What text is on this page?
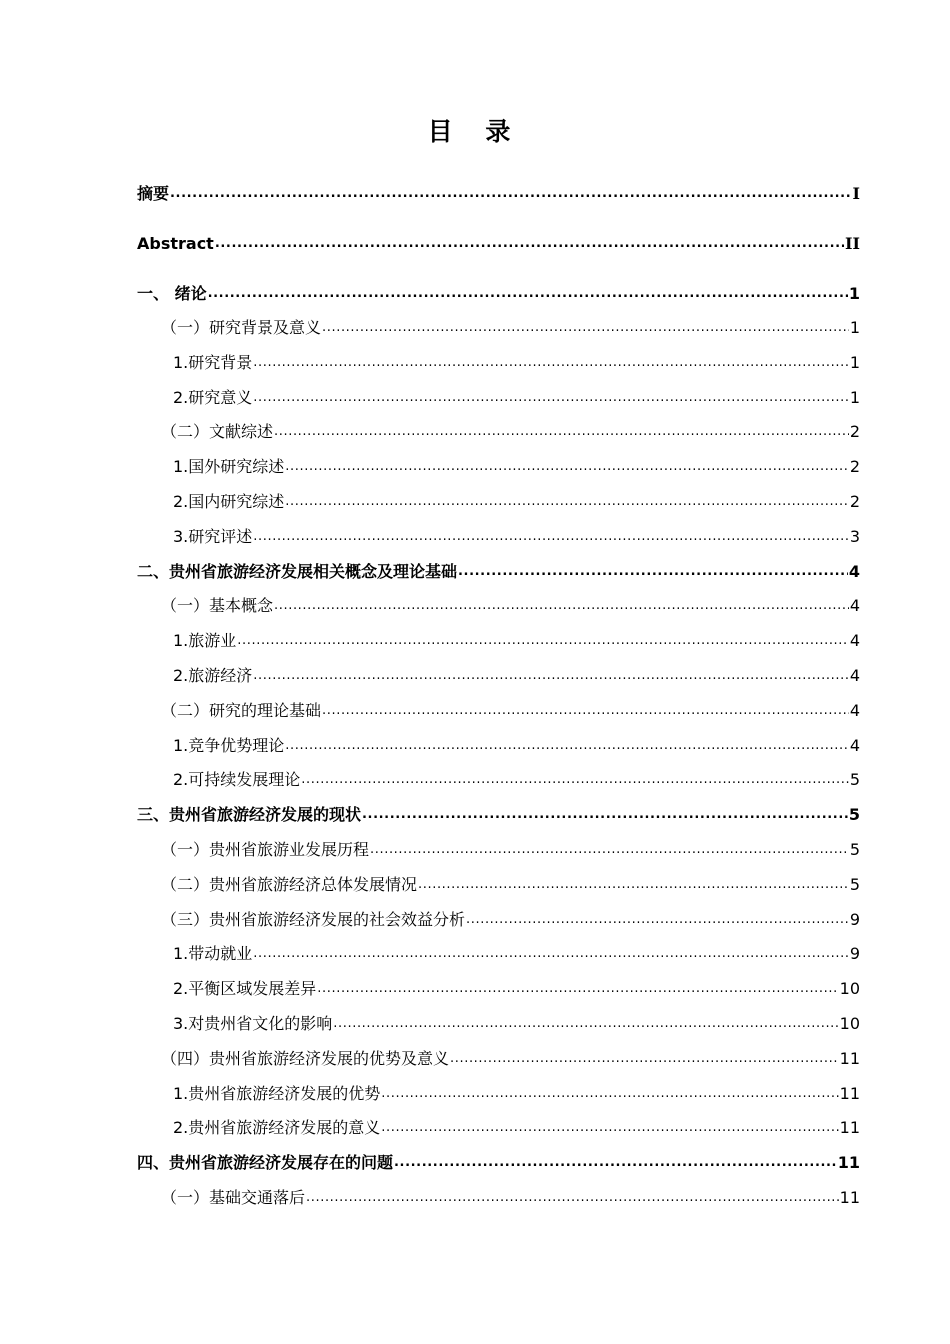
目 录
摘要 .....	I
Abstract .....	II
一、 绪论 .....	1
（一）研究背景及意义 .....	1
1.研究背景 .....	1
2.研究意义 .....	1
（二）文献综述 .....	2
1.国外研究综述 .....	2
2.国内研究综述 .....	2
3.研究评述 .....	3
二、贵州省旅游经济发展相关概念及理论基础 .....	4
（一）基本概念 .....	4
1.旅游业 .....	4
2.旅游经济 .....	4
（二）研究的理论基础 .....	4
1.竞争优势理论 .....	4
2.可持续发展理论 .....	5
三、贵州省旅游经济发展的现状 .....	5
（一）贵州省旅游业发展历程 .....	5
（二）贵州省旅游经济总体发展情况 .....	5
（三）贵州省旅游经济发展的社会效益分析 .....	9
1.带动就业 .....	9
2.平衡区域发展差异 .....	10
3.对贵州省文化的影响 .....	10
（四）贵州省旅游经济发展的优势及意义 .....	11
1.贵州省旅游经济发展的优势 .....	11
2.贵州省旅游经济发展的意义 .....	11
四、贵州省旅游经济发展存在的问题 .....	11
（一）基础交通落后 .....	11
